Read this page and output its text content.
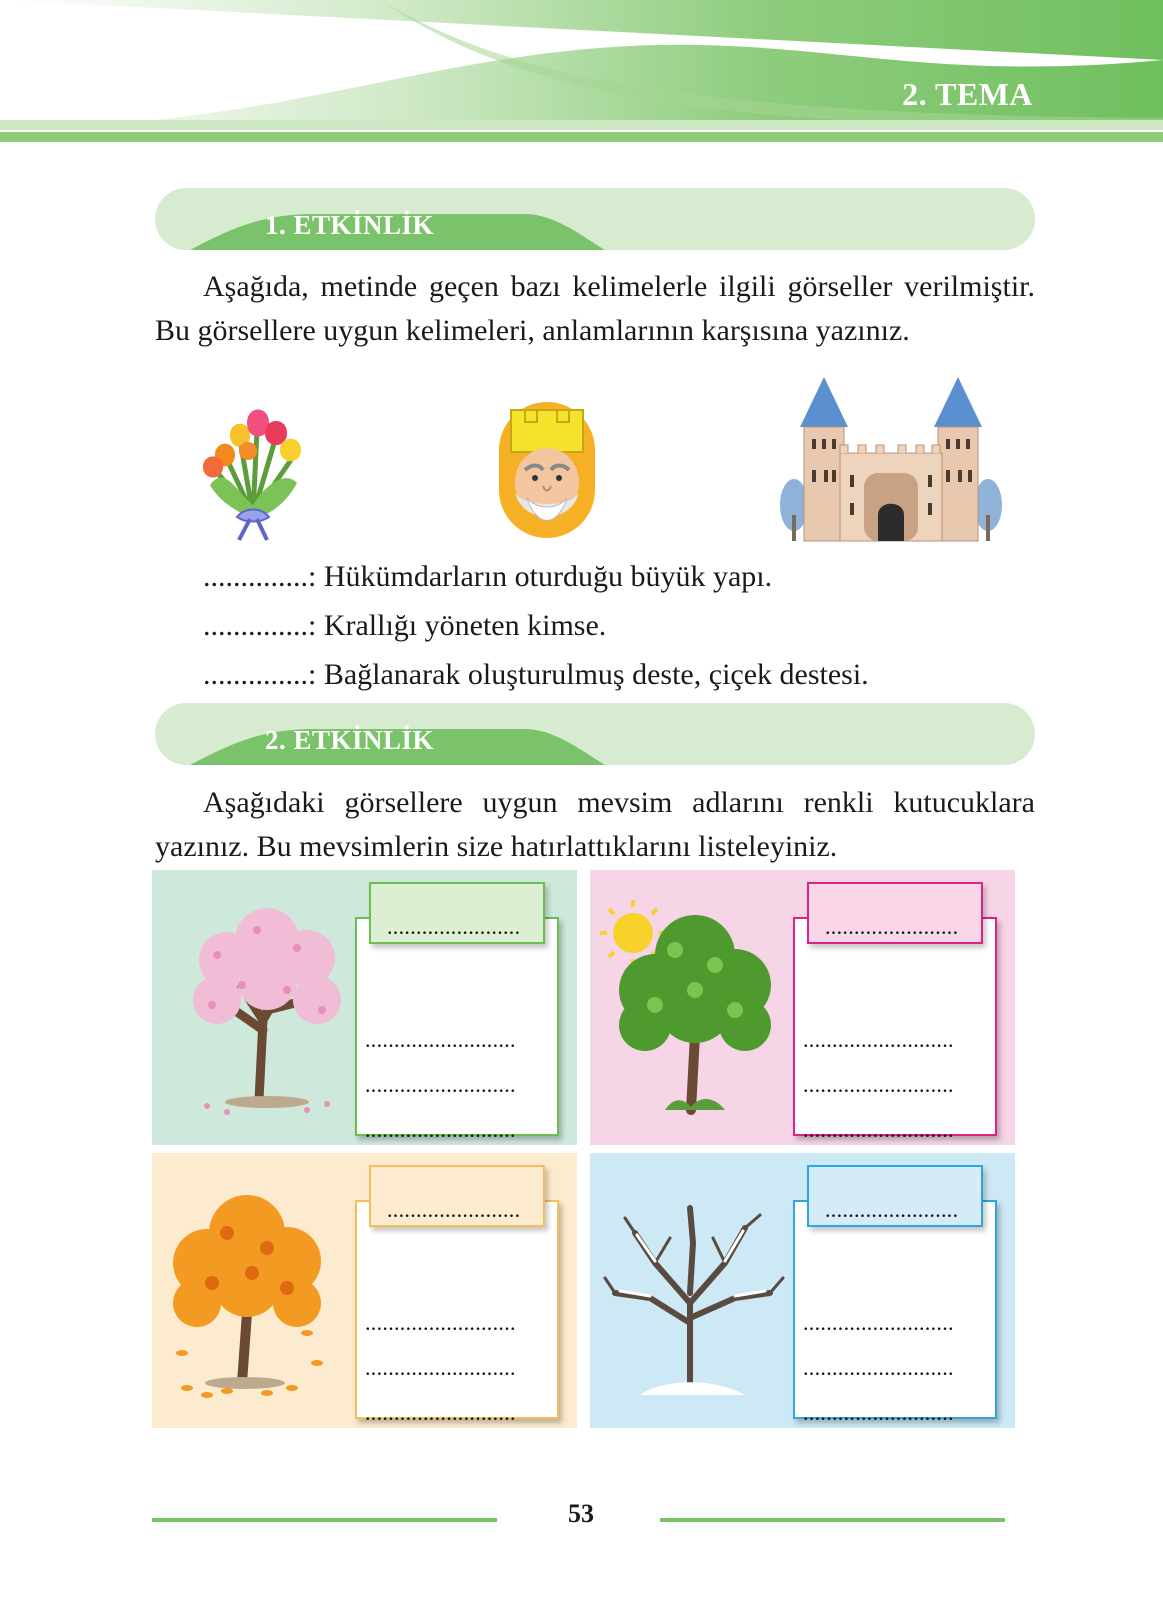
2. TEMA
1. ETKİNLİK
Aşağıda, metinde geçen bazı kelimelerle ilgili görseller verilmiştir. Bu görsellere uygun kelimeleri, anlamlarının karşısına yazınız.
..............: Hükümdarların oturduğu büyük yapı.
..............: Krallığı yöneten kimse.
..............: Bağlanarak oluşturulmuş deste, çiçek destesi.
2. ETKİNLİK
Aşağıdaki görsellere uygun mevsim adlarını renkli kutucuklara yazınız. Bu mevsimlerin size hatırlattıklarını listeleyiniz.
..........................
..........................
..........................
.......................
..........................
..........................
..........................
.......................
..........................
..........................
..........................
.......................
..........................
..........................
..........................
.......................
53
